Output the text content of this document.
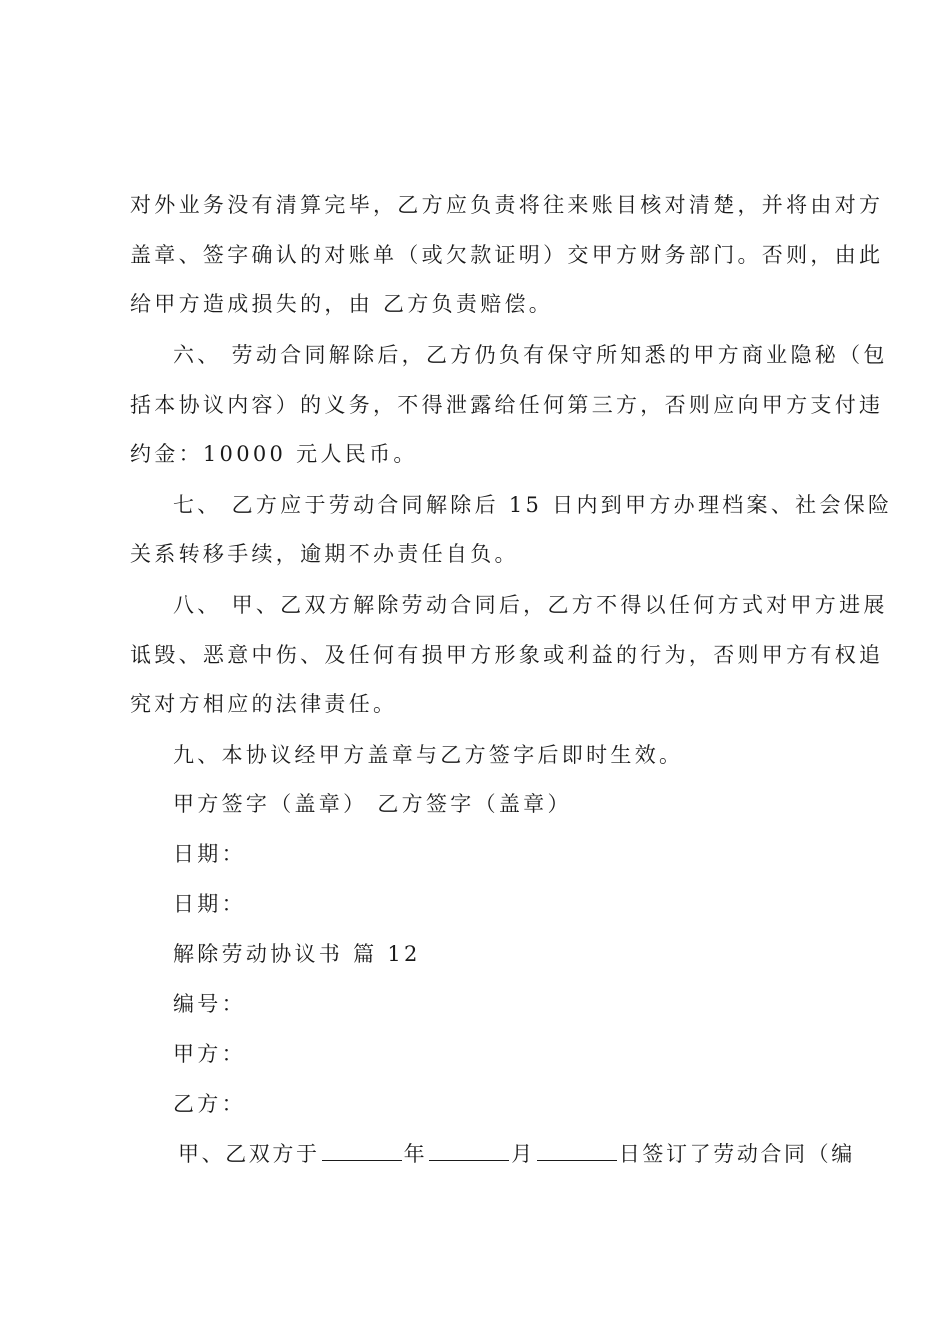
对外业务没有清算完毕，乙方应负责将往来账目核对清楚，并将由对方
盖章、签字确认的对账单（或欠款证明）交甲方财务部门。否则，由此
给甲方造成损失的，由 乙方负责赔偿。
六、 劳动合同解除后，乙方仍负有保守所知悉的甲方商业隐秘（包
括本协议内容）的义务，不得泄露给任何第三方，否则应向甲方支付违
约金：10000 元人民币。
七、 乙方应于劳动合同解除后 15 日内到甲方办理档案、社会保险
关系转移手续，逾期不办责任自负。
八、 甲、乙双方解除劳动合同后，乙方不得以任何方式对甲方进展
诋毁、恶意中伤、及任何有损甲方形象或利益的行为，否则甲方有权追
究对方相应的法律责任。
九、本协议经甲方盖章与乙方签字后即时生效。
甲方签字（盖章） 乙方签字（盖章）
日期：
日期：
解除劳动协议书 篇 12
编号：
甲方：
乙方：
甲、乙双方于	年	月	日签订了劳动合同（编
